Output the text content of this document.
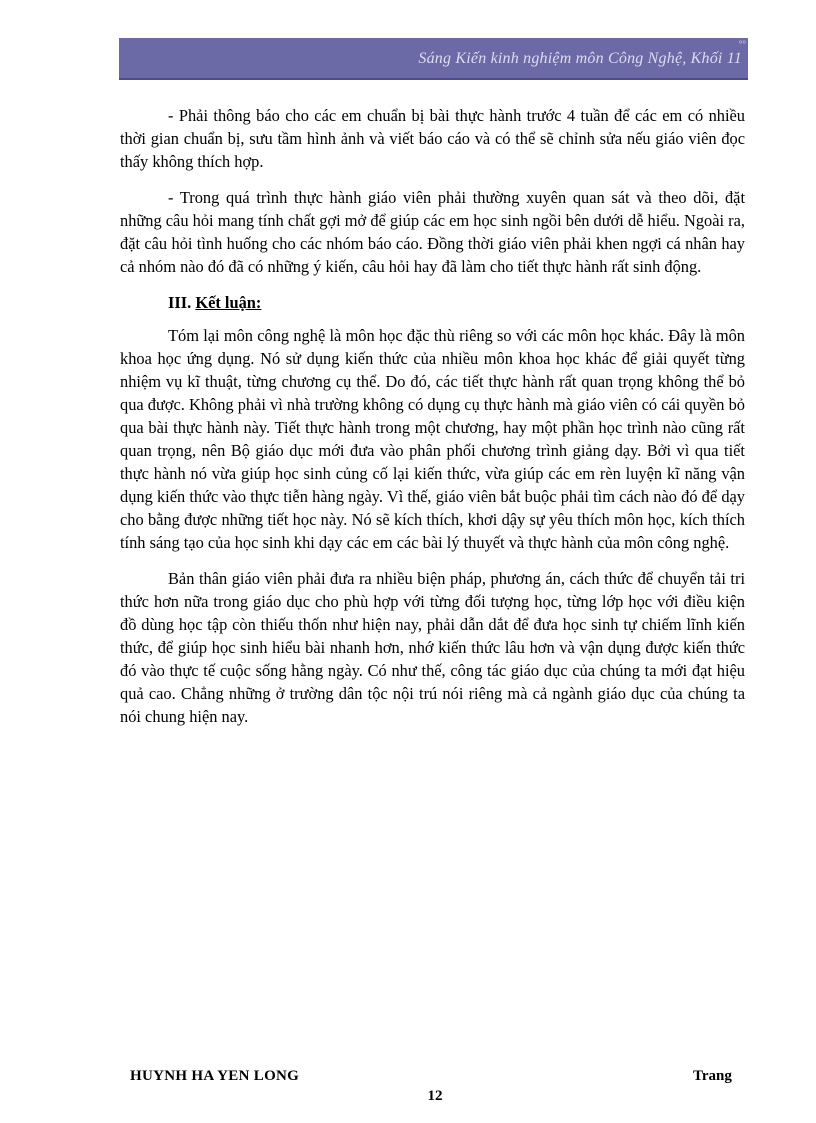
°°
Sáng Kiến kinh nghiệm môn Công Nghệ, Khối 11

- Phải thông báo cho các em chuẩn bị bài thực hành trước 4 tuần để các em có nhiều thời gian chuẩn bị, sưu tầm hình ảnh và viết báo cáo và có thể sẽ chỉnh sửa nếu giáo viên đọc thấy không thích hợp.

- Trong quá trình thực hành giáo viên phải thường xuyên quan sát và theo dõi, đặt những câu hỏi mang tính chất gợi mở để giúp các em học sinh ngồi bên dưới dễ hiểu. Ngoài ra, đặt câu hỏi tình huống cho các nhóm báo cáo. Đồng thời giáo viên phải khen ngợi cá nhân hay cả nhóm nào đó đã có những ý kiến, câu hỏi hay đã làm cho tiết thực hành rất sinh động.

III. Kết luận:

Tóm lại môn công nghệ là môn học đặc thù riêng so với các môn học khác. Đây là môn khoa học ứng dụng. Nó sử dụng kiến thức của nhiều môn khoa học khác để giải quyết từng nhiệm vụ kĩ thuật, từng chương cụ thể. Do đó, các tiết thực hành rất quan trọng không thể bỏ qua được. Không phải vì nhà trường không có dụng cụ thực hành mà giáo viên có cái quyền bỏ qua bài thực hành này. Tiết thực hành trong một chương, hay một phần học trình nào cũng rất quan trọng, nên Bộ giáo dục mới đưa vào phân phối chương trình giảng dạy. Bởi vì qua tiết thực hành nó vừa giúp học sinh củng cố lại kiến thức, vừa giúp các em rèn luyện kĩ năng vận dụng kiến thức vào thực tiễn hàng ngày. Vì thế, giáo viên bắt buộc phải tìm cách nào đó để dạy cho bằng được những tiết học này. Nó sẽ kích thích, khơi dậy sự yêu thích môn học, kích thích tính sáng tạo của học sinh khi dạy các em các bài lý thuyết và thực hành của môn công nghệ.

Bản thân giáo viên phải đưa ra nhiều biện pháp, phương án, cách thức để chuyển tải tri thức hơn nữa trong giáo dục cho phù hợp với từng đối tượng học, từng lớp học với điều kiện đồ dùng học tập còn thiếu thốn như hiện nay, phải dẫn dắt để đưa học sinh tự chiếm lĩnh kiến thức, để giúp học sinh hiểu bài nhanh hơn, nhớ kiến thức lâu hơn và vận dụng được kiến thức đó vào thực tế cuộc sống hằng ngày. Có như thế, công tác giáo dục của chúng ta mới đạt hiệu quả cao. Chẳng những ở trường dân tộc nội trú nói riêng mà cả ngành giáo dục của chúng ta nói chung hiện nay.

HUYNH HA YEN LONG	Trang
12
